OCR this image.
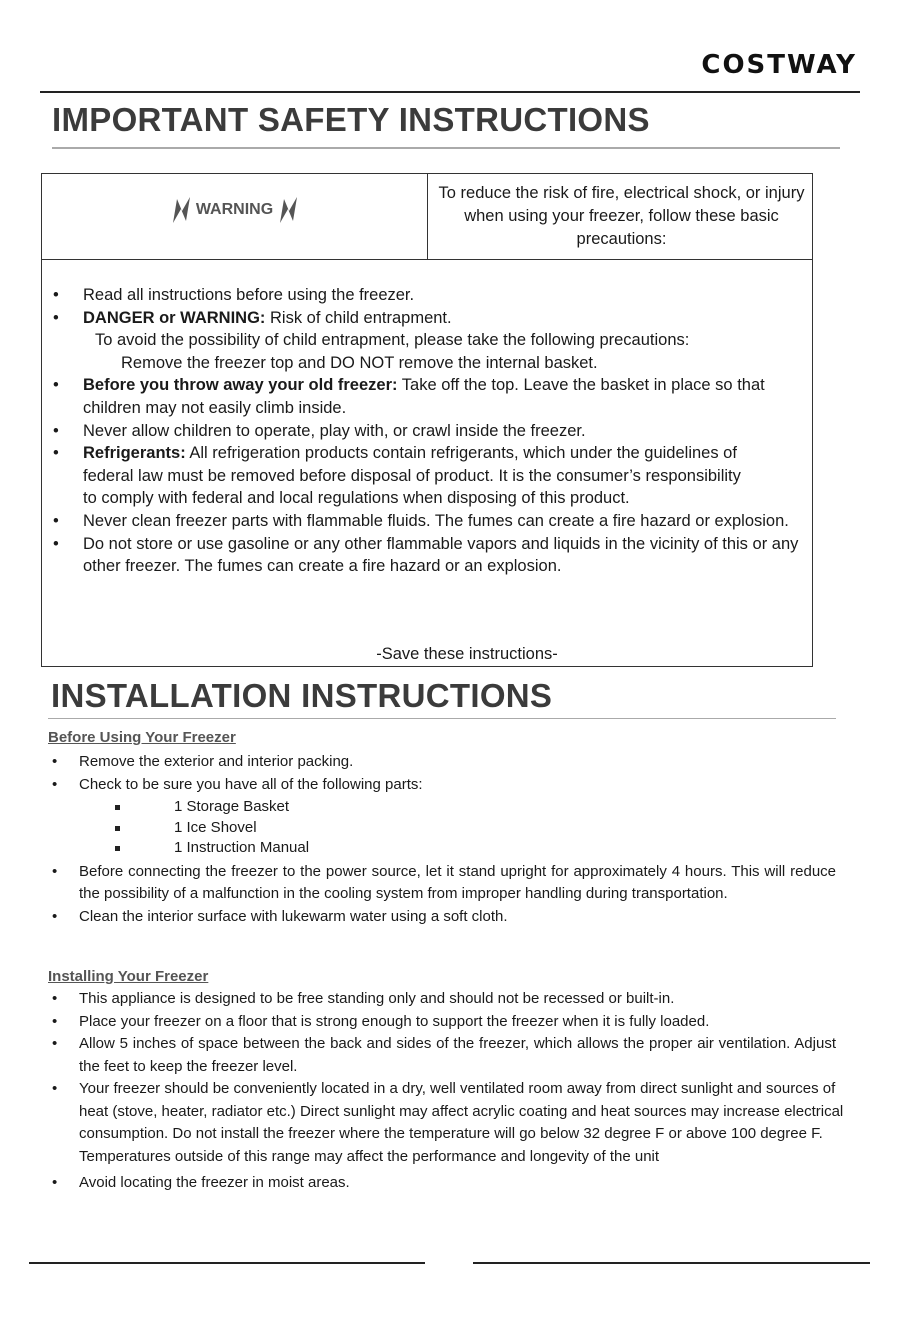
COSTWAY
IMPORTANT SAFETY INSTRUCTIONS
WARNING
To reduce the risk of fire, electrical shock, or injury when using your freezer, follow these basic precautions:
• Read all instructions before using the freezer.
• DANGER or WARNING: Risk of child entrapment.
To avoid the possibility of child entrapment, please take the following precautions:
Remove the freezer top and DO NOT remove the internal basket.
• Before you throw away your old freezer: Take off the top. Leave the basket in place so that children may not easily climb inside.
• Never allow children to operate, play with, or crawl inside the freezer.
• Refrigerants: All refrigeration products contain refrigerants, which under the guidelines of federal law must be removed before disposal of product. It is the consumer’s responsibility to comply with federal and local regulations when disposing of this product.
• Never clean freezer parts with flammable fluids. The fumes can create a fire hazard or explosion.
• Do not store or use gasoline or any other flammable vapors and liquids in the vicinity of this or any other freezer. The fumes can create a fire hazard or an explosion.
-Save these instructions-
INSTALLATION INSTRUCTIONS
Before Using Your Freezer
• Remove the exterior and interior packing.
• Check to be sure you have all of the following parts:
1 Storage Basket
1 Ice Shovel
1 Instruction Manual
• Before connecting the freezer to the power source, let it stand upright for approximately 4 hours. This will reduce the possibility of a malfunction in the cooling system from improper handling during transportation.
• Clean the interior surface with lukewarm water using a soft cloth.
Installing Your Freezer
• This appliance is designed to be free standing only and should not be recessed or built-in.
• Place your freezer on a floor that is strong enough to support the freezer when it is fully loaded.
• Allow 5 inches of space between the back and sides of the freezer, which allows the proper air ventilation. Adjust the feet to keep the freezer level.
• Your freezer should be conveniently located in a dry, well ventilated room away from direct sunlight and sources of heat (stove, heater, radiator etc.) Direct sunlight may affect acrylic coating and heat sources may increase electrical consumption. Do not install the freezer where the temperature will go below 32 degree F or above 100 degree F. Temperatures outside of this range may affect the performance and longevity of the unit
• Avoid locating the freezer in moist areas.
